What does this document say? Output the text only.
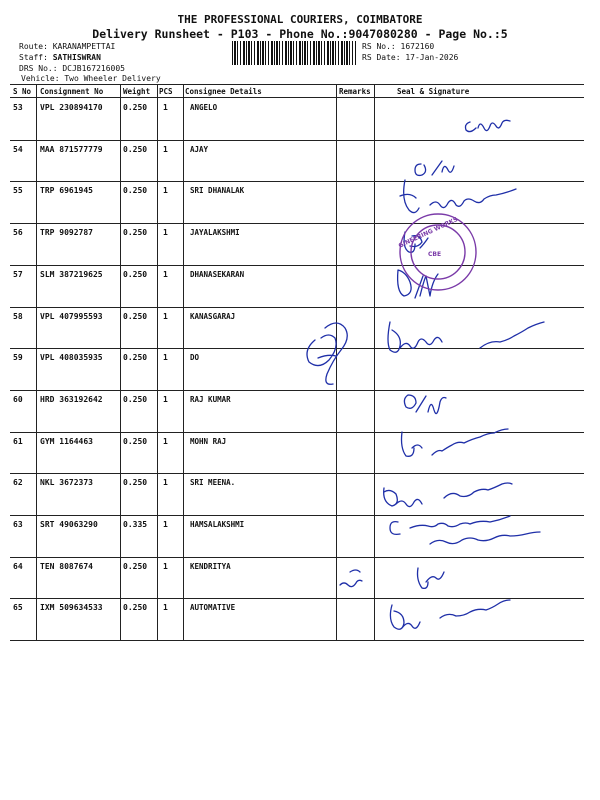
THE PROFESSIONAL COURIERS, COIMBATORE
Delivery Runsheet - P103 - Phone No.:9047080280 - Page No.:5
Route: KARANAMPETTAI
Staff: SATHISWRAN
DRS No.: DCJB167216005
Vehicle: Two Wheeler Delivery
RS No.: 1672160
RS Date: 17-Jan-2026
S No Consignment No	Weight PCS Consignee Details	Remarks	Seal & Signature
53 VPL 230894170	0.250 1	ANGELO
54 MAA 871577779	0.250 1	AJAY
55 TRP 6961945	0.250 1	SRI DHANALAK
56 TRP 9092787	0.250 1	JAYALAKSHMI
57 SLM 387219625	0.250 1	DHANASEKARAN
58 VPL 407995593	0.250 1	KANASGARAJ
59 VPL 408035935	0.250 1	DO
60 HRD 363192642	0.250 1	RAJ KUMAR
61 GYM 1164463	0.250 1	MOHN RAJ
62 NKL 3672373	0.250 1	SRI MEENA.
63 SRT 49063290	0.335 1	HAMSALAKSHMI
64 TEN 8087674	0.250 1	KENDRITYA
65 IXM 509634533	0.250 1	AUTOMATIVE
GINEERING WORKS
CBE
